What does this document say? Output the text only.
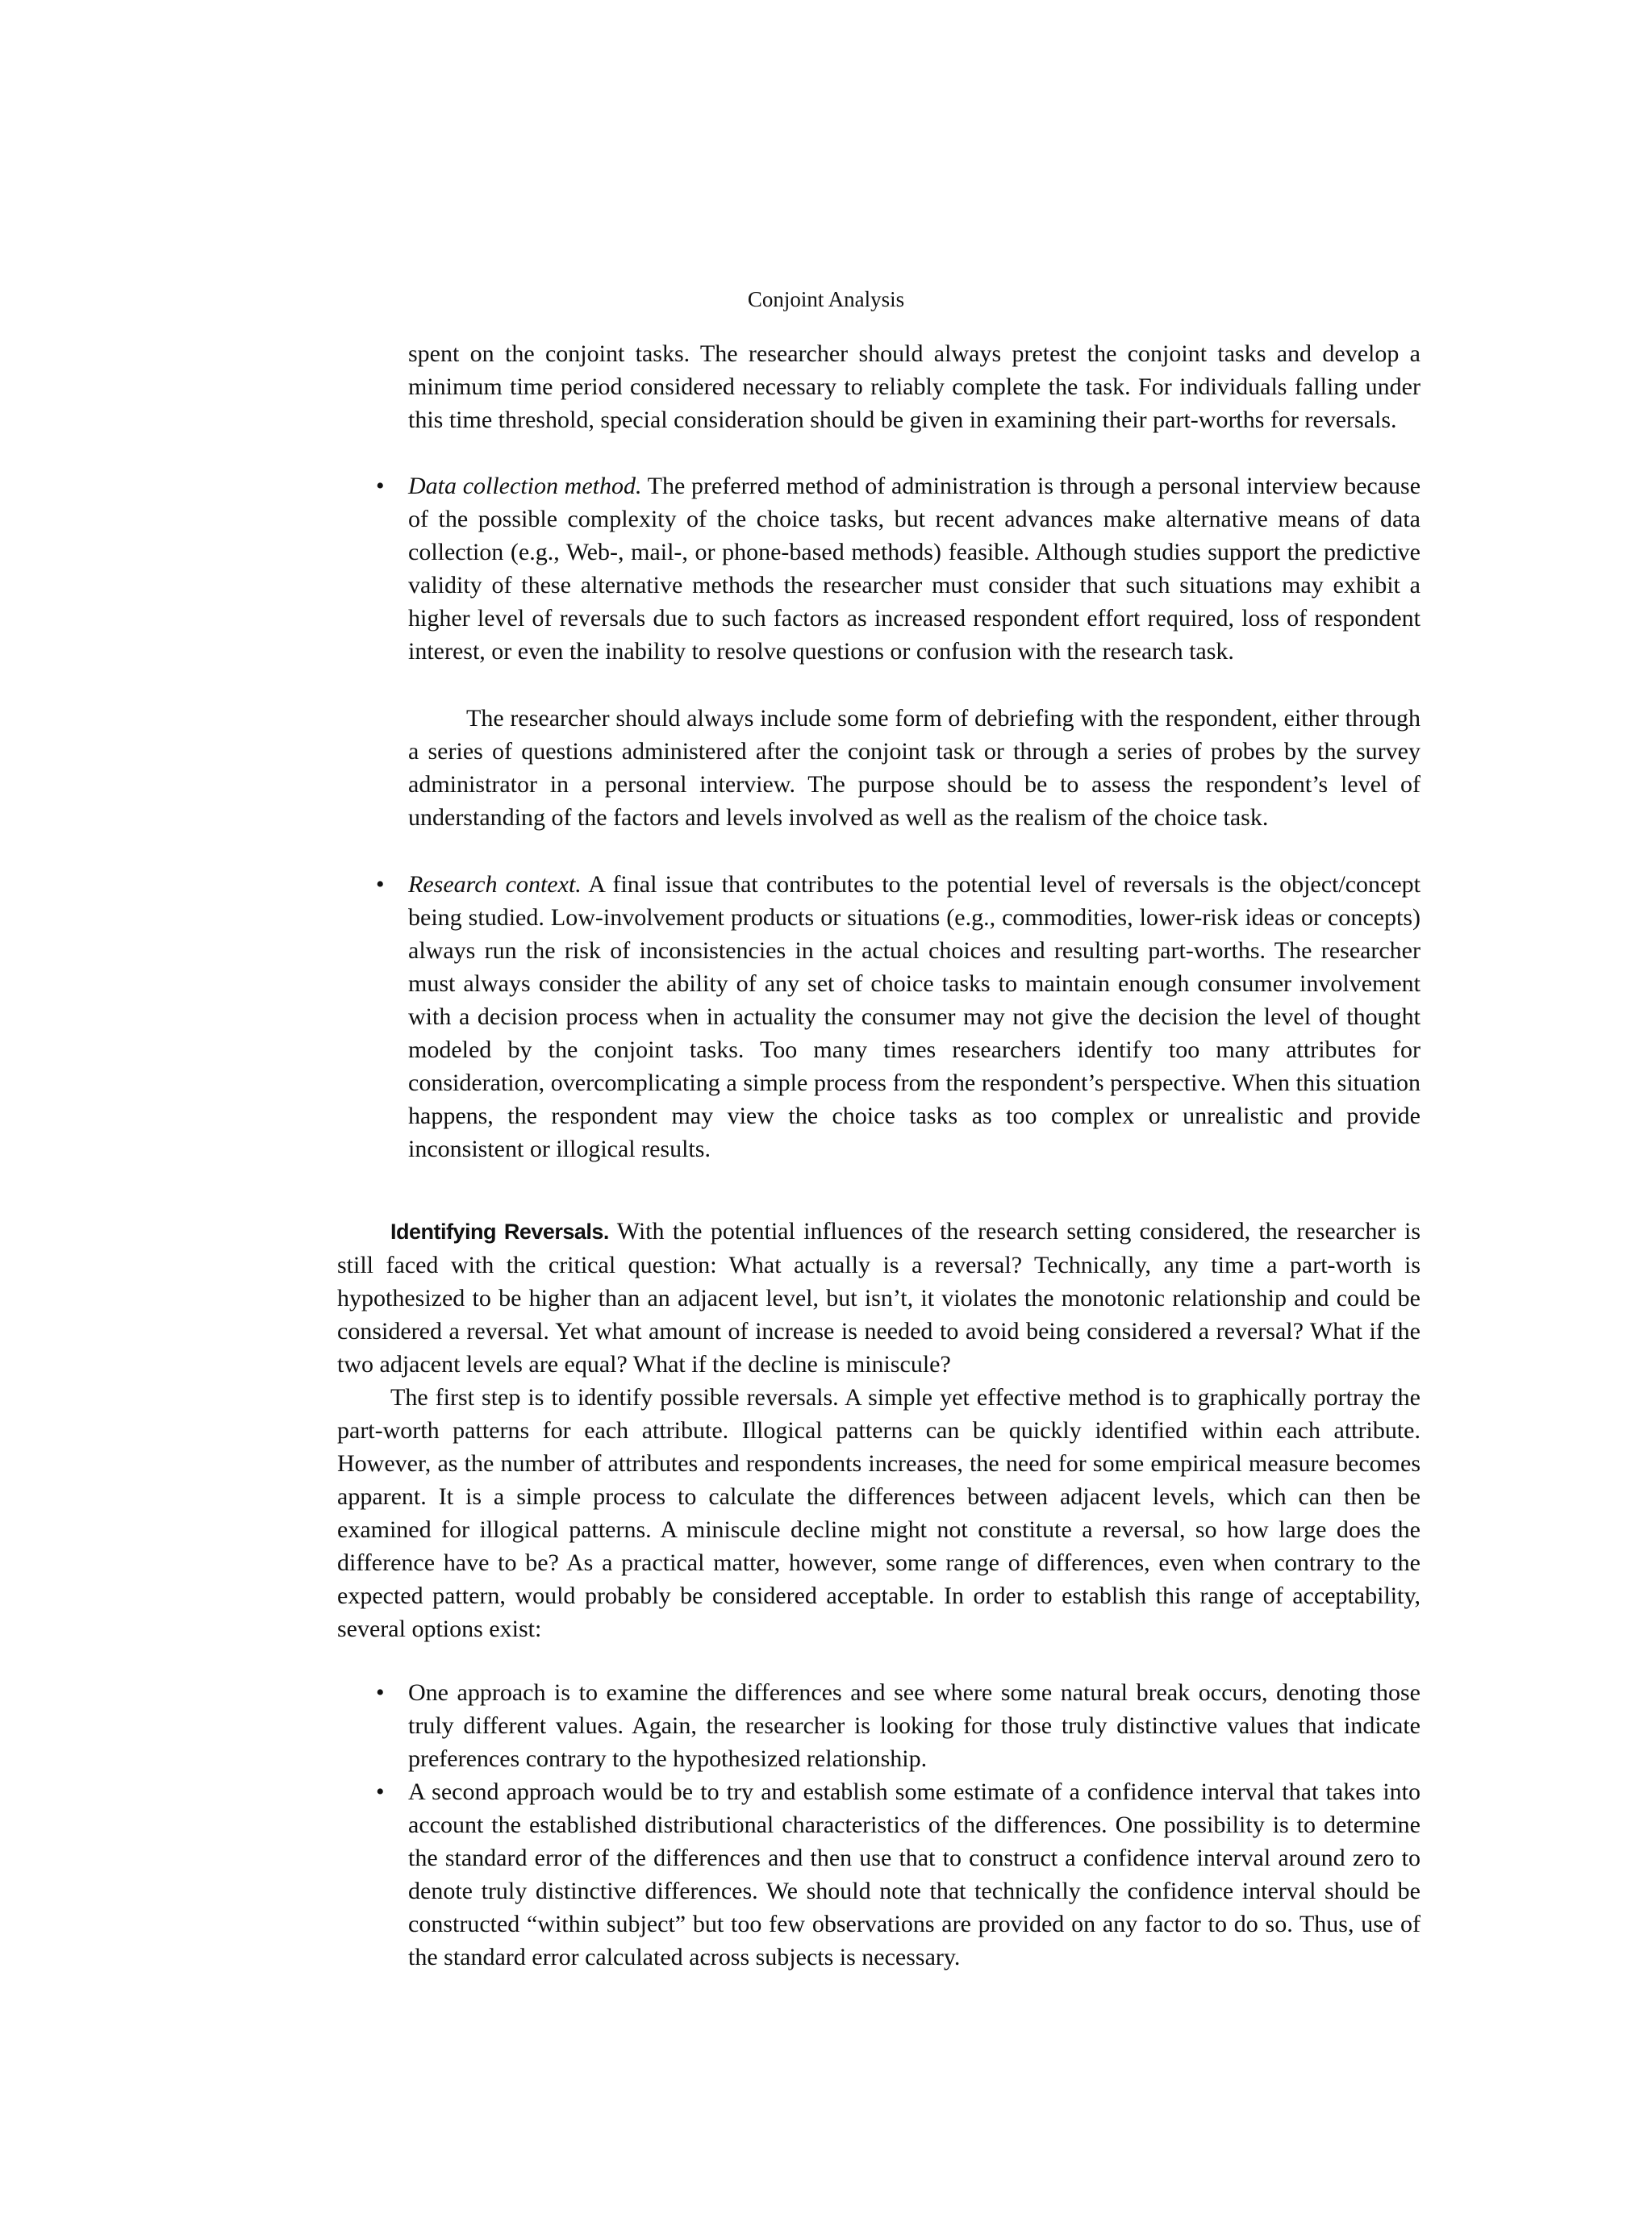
Conjoint Analysis

spent on the conjoint tasks. The researcher should always pretest the conjoint tasks and develop a minimum time period considered necessary to reliably complete the task. For individuals falling under this time threshold, special consideration should be given in examining their part-worths for reversals.

• Data collection method. The preferred method of administration is through a personal interview because of the possible complexity of the choice tasks, but recent advances make alternative means of data collection (e.g., Web-, mail-, or phone-based methods) feasible. Although studies support the predictive validity of these alternative methods the researcher must consider that such situations may exhibit a higher level of reversals due to such factors as increased respondent effort required, loss of respondent interest, or even the inability to resolve questions or confusion with the research task.

The researcher should always include some form of debriefing with the respondent, either through a series of questions administered after the conjoint task or through a series of probes by the survey administrator in a personal interview. The purpose should be to assess the respondent’s level of understanding of the factors and levels involved as well as the realism of the choice task.

• Research context. A final issue that contributes to the potential level of reversals is the object/concept being studied. Low-involvement products or situations (e.g., commodities, lower-risk ideas or concepts) always run the risk of inconsistencies in the actual choices and resulting part-worths. The researcher must always consider the ability of any set of choice tasks to maintain enough consumer involvement with a decision process when in actuality the consumer may not give the decision the level of thought modeled by the conjoint tasks. Too many times researchers identify too many attributes for consideration, overcomplicating a simple process from the respondent’s perspective. When this situation happens, the respondent may view the choice tasks as too complex or unrealistic and provide inconsistent or illogical results.

Identifying Reversals. With the potential influences of the research setting considered, the researcher is still faced with the critical question: What actually is a reversal? Technically, any time a part-worth is hypothesized to be higher than an adjacent level, but isn’t, it violates the monotonic relationship and could be considered a reversal. Yet what amount of increase is needed to avoid being considered a reversal? What if the two adjacent levels are equal? What if the decline is miniscule?

The first step is to identify possible reversals. A simple yet effective method is to graphically portray the part-worth patterns for each attribute. Illogical patterns can be quickly identified within each attribute. However, as the number of attributes and respondents increases, the need for some empirical measure becomes apparent. It is a simple process to calculate the differences between adjacent levels, which can then be examined for illogical patterns. A miniscule decline might not constitute a reversal, so how large does the difference have to be? As a practical matter, however, some range of differences, even when contrary to the expected pattern, would probably be considered acceptable. In order to establish this range of acceptability, several options exist:

• One approach is to examine the differences and see where some natural break occurs, denoting those truly different values. Again, the researcher is looking for those truly distinctive values that indicate preferences contrary to the hypothesized relationship.

• A second approach would be to try and establish some estimate of a confidence interval that takes into account the established distributional characteristics of the differences. One possibility is to determine the standard error of the differences and then use that to construct a confidence interval around zero to denote truly distinctive differences. We should note that technically the confidence interval should be constructed “within subject” but too few observations are provided on any factor to do so. Thus, use of the standard error calculated across subjects is necessary.
